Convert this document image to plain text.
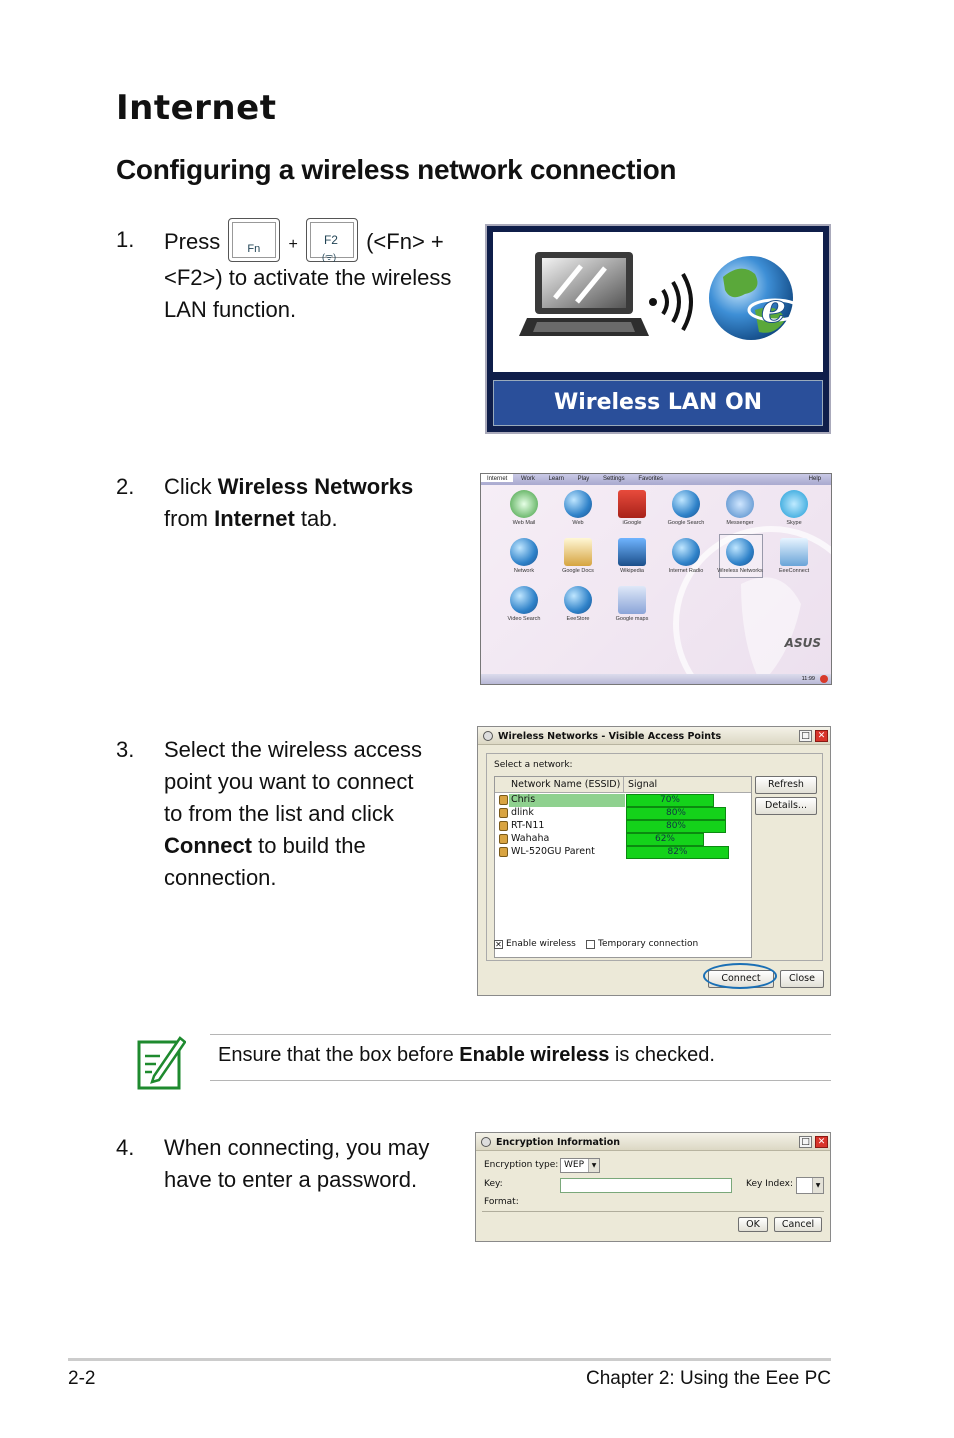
Internet
Configuring a wireless network connection
1. Press Fn + F2
(ᯤ)
(<Fn> +
<F2>) to activate the wireless
LAN function.	e
Wireless LAN ON
2. Click Wireless Networks
from Internet tab.
Internet Work Learn Play Settings Favorites	Help
Web Mail	Web	iGoogle	Google Search	Messenger	Skype
Network	Google Docs	Wikipedia	Internet Radio	Wireless Networks	EeeConnect
Video Search	EeeStore	Google maps
ASUS
11:99
3. Select the wireless access
point you want to connect
to from the list and click
Connect to build the
connection.
Wireless Networks - Visible Access Points	□ ✕
Select a network:
Network Name (ESSID) Signal
Chris	70%
dlink	80%
RT-N11	80%
Wahaha	62%
WL-520GU Parent	82%
Refresh
Details...
✕ Enable wireless Temporary connection
Connect	Close
Ensure that the box before Enable wireless is checked.
4. When connecting, you may
have to enter a password.
Encryption Information	□ ✕
Encryption type: WEP	▼
Key:	Key Index:	▼
Format:
OK	Cancel
2-2	Chapter 2: Using the Eee PC
